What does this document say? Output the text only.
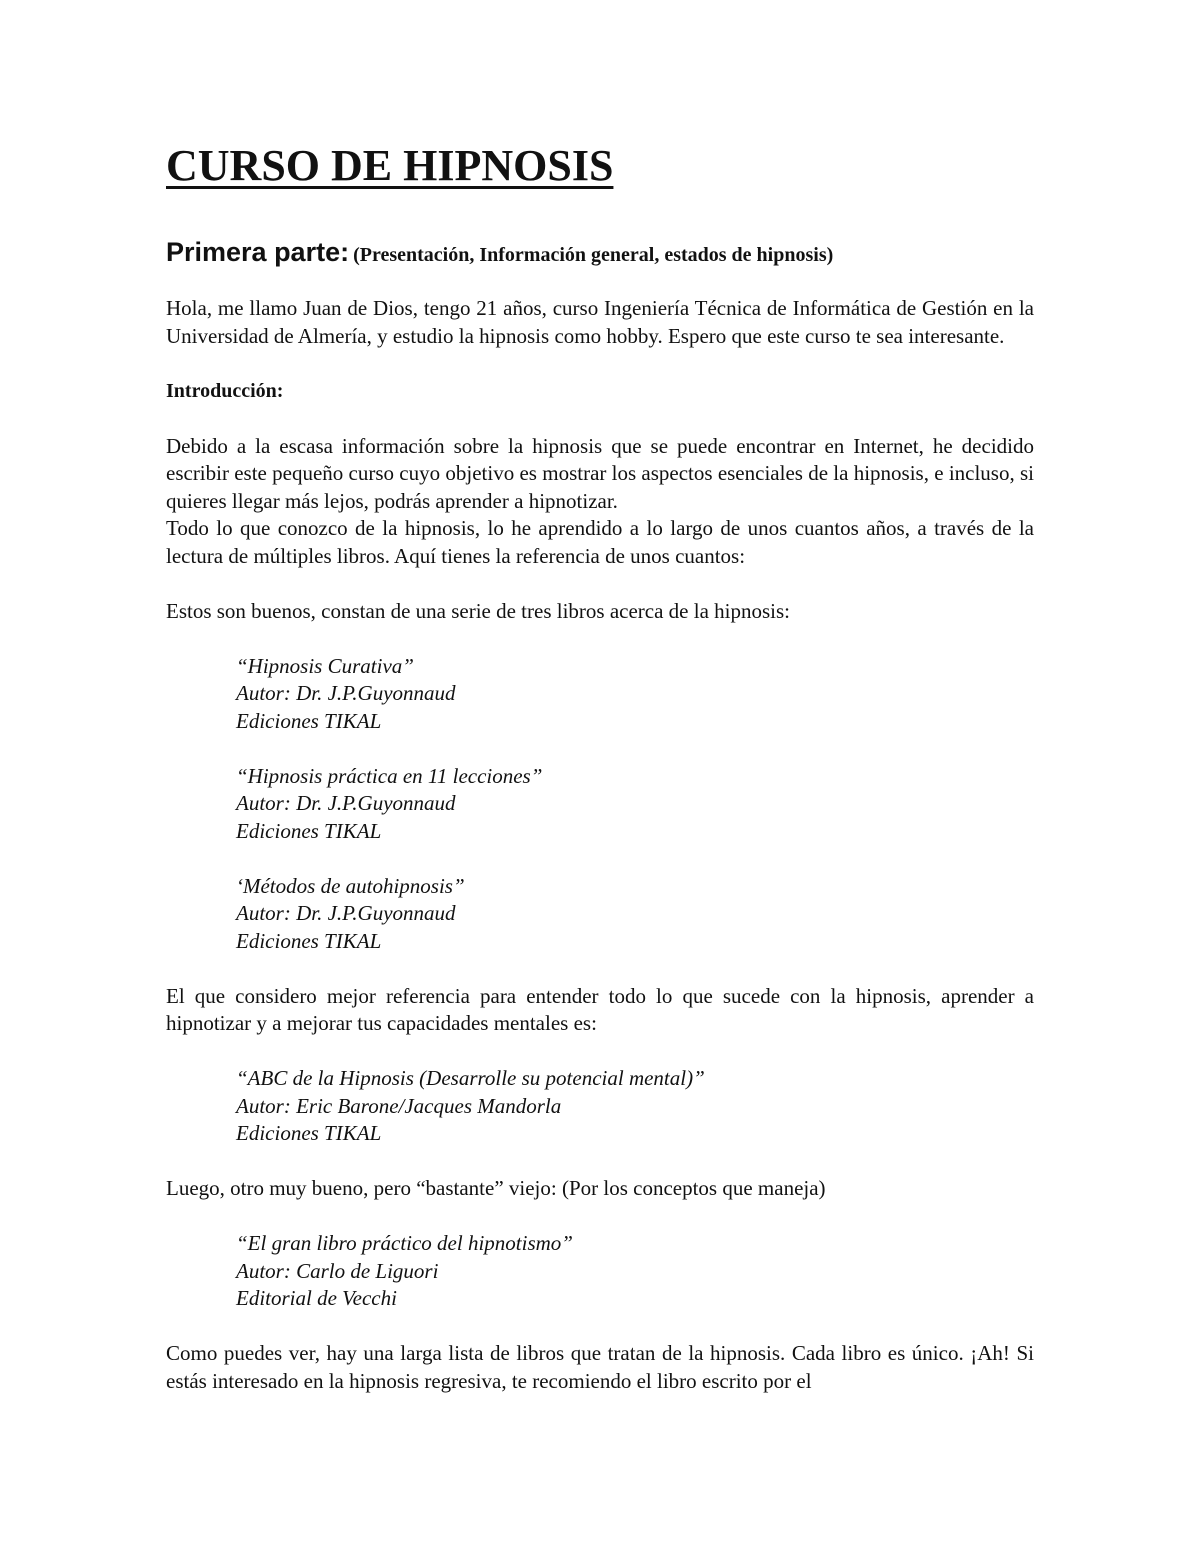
CURSO DE HIPNOSIS
Primera parte: (Presentación, Información general, estados de hipnosis)

Hola, me llamo Juan de Dios, tengo 21 años, curso Ingeniería Técnica de Informática de Gestión en la Universidad de Almería, y estudio la hipnosis como hobby. Espero que este curso te sea interesante.

Introducción:

Debido a la escasa información sobre la hipnosis que se puede encontrar en Internet, he decidido escribir este pequeño curso cuyo objetivo es mostrar los aspectos esenciales de la hipnosis, e incluso, si quieres llegar más lejos, podrás aprender a hipnotizar.

Todo lo que conozco de la hipnosis, lo he aprendido a lo largo de unos cuantos años, a través de la lectura de múltiples libros. Aquí tienes la referencia de unos cuantos:

Estos son buenos, constan de una serie de tres libros acerca de la hipnosis:

“Hipnosis Curativa”
Autor: Dr. J.P.Guyonnaud
Ediciones TIKAL
“Hipnosis práctica en 11 lecciones”
Autor: Dr. J.P.Guyonnaud
Ediciones TIKAL
‘Métodos de autohipnosis”
Autor: Dr. J.P.Guyonnaud
Ediciones TIKAL

El que considero mejor referencia para entender todo lo que sucede con la hipnosis, aprender a hipnotizar y a mejorar tus capacidades mentales es:

“ABC de la Hipnosis (Desarrolle su potencial mental)”
Autor: Eric Barone/Jacques Mandorla
Ediciones TIKAL

Luego, otro muy bueno, pero “bastante” viejo: (Por los conceptos que maneja)

“El gran libro práctico del hipnotismo”
Autor: Carlo de Liguori
Editorial de Vecchi

Como puedes ver, hay una larga lista de libros que tratan de la hipnosis. Cada libro es único. ¡Ah! Si estás interesado en la hipnosis regresiva, te recomiendo el libro escrito por el
